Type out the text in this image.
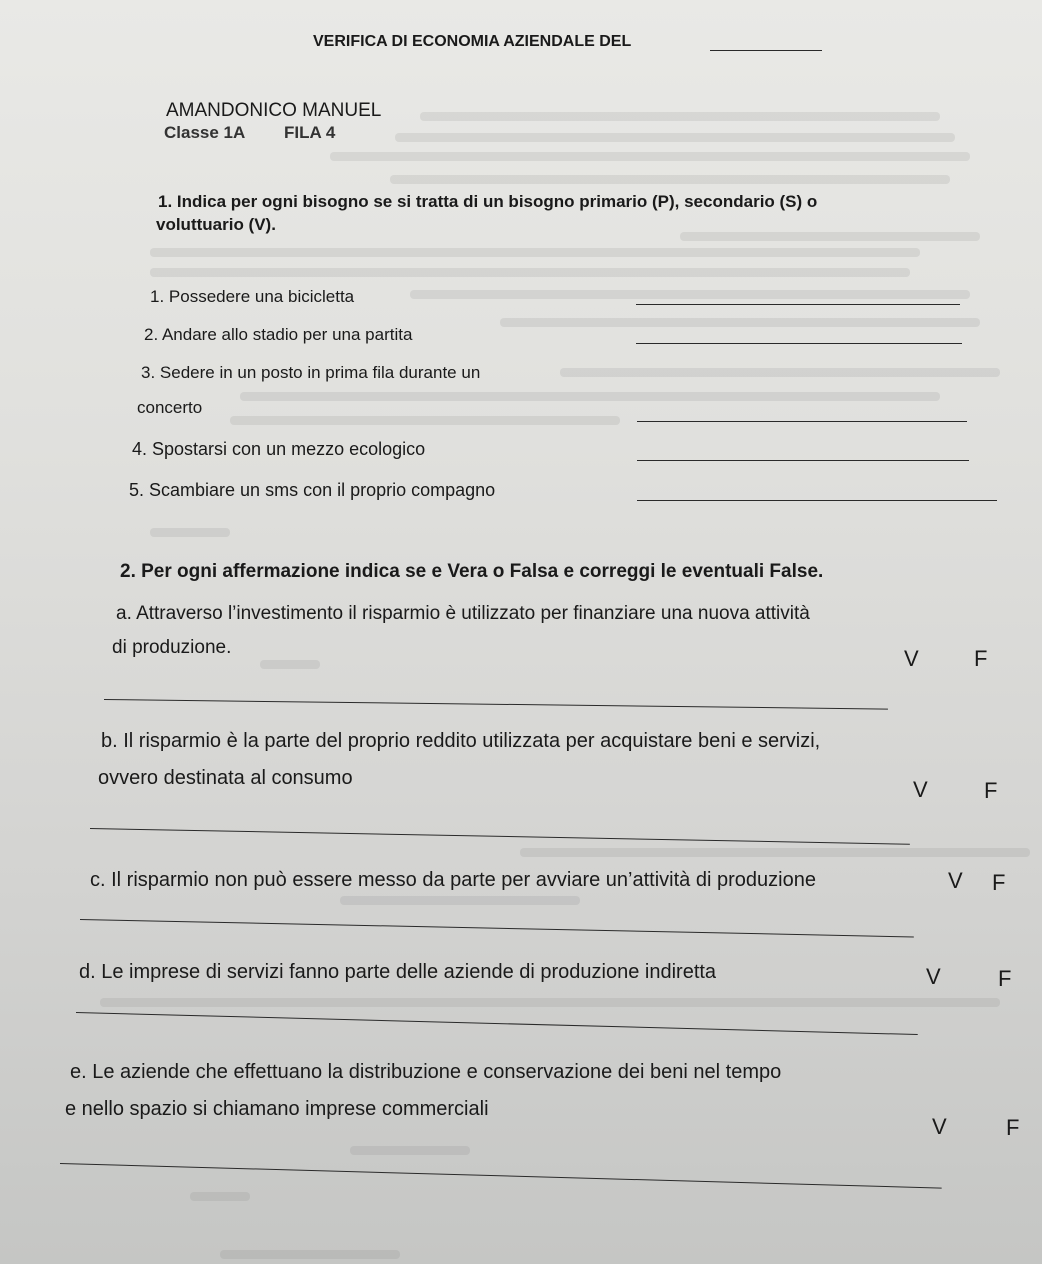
VERIFICA DI ECONOMIA AZIENDALE DEL
AMANDONICO MANUEL
Classe 1A FILA 4
1. Indica per ogni bisogno se si tratta di un bisogno primario (P), secondario (S) o
voluttuario (V).
1. Possedere una bicicletta
2. Andare allo stadio per una partita
3. Sedere in un posto in prima fila durante un
concerto
4. Spostarsi con un mezzo ecologico
5. Scambiare un sms con il proprio compagno
2. Per ogni affermazione indica se e Vera o Falsa e correggi le eventuali False.
a. Attraverso l’investimento il risparmio è utilizzato per finanziare una nuova attività
di produzione.	V	F
b. Il risparmio è la parte del proprio reddito utilizzata per acquistare beni e servizi,
ovvero destinata al consumo	V	F
c. Il risparmio non può essere messo da parte per avviare un’attività di produzione	V F
d. Le imprese di servizi fanno parte delle aziende di produzione indiretta	V	F
e. Le aziende che effettuano la distribuzione e conservazione dei beni nel tempo
e nello spazio si chiamano imprese commerciali
V	F
